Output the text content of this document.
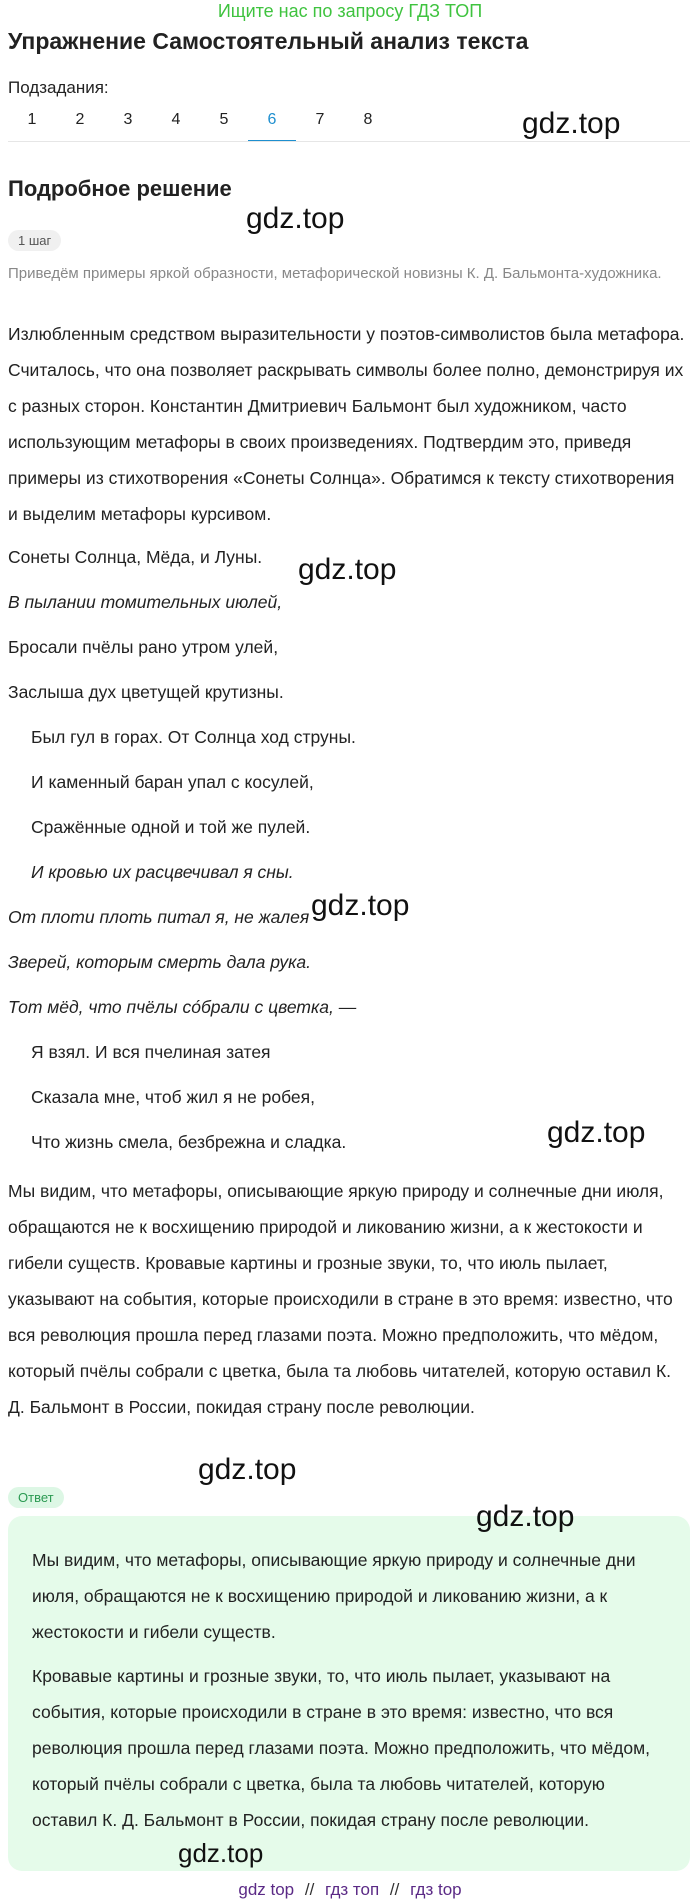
Ищите нас по запросу ГДЗ ТОП
Упражнение Самостоятельный анализ текста
Подзадания:
1	2	3	4	5	6	7	8
Подробное решение
1 шаг
Приведём примеры яркой образности, метафорической новизны К. Д. Бальмонта-художника.
Излюбленным средством выразительности у поэтов-символистов была метафора. Считалось, что она позволяет раскрывать символы более полно, демонстрируя их с разных сторон. Константин Дмитриевич Бальмонт был художником, часто использующим метафоры в своих произведениях. Подтвердим это, приведя примеры из стихотворения «Сонеты Солнца». Обратимся к тексту стихотворения и выделим метафоры курсивом.
Сонеты Солнца, Мёда, и Луны.
В пылании томительных июлей,
Бросали пчёлы рано утром улей,
Заслыша дух цветущей крутизны.
Был гул в горах. От Солнца ход струны.
И каменный баран упал с косулей,
Сражённые одной и той же пулей.
И кровью их расцвечивал я сны.
От плоти плоть питал я, не жалея
Зверей, которым смерть дала рука.
Тот мёд, что пчёлы со́брали с цветка, —
Я взял. И вся пчелиная затея
Сказала мне, чтоб жил я не робея,
Что жизнь смела, безбрежна и сладка.
Мы видим, что метафоры, описывающие яркую природу и солнечные дни июля, обращаются не к восхищению природой и ликованию жизни, а к жестокости и гибели существ. Кровавые картины и грозные звуки, то, что июль пылает, указывают на события, которые происходили в стране в это время: известно, что вся революция прошла перед глазами поэта. Можно предположить, что мёдом, который пчёлы собрали с цветка, была та любовь читателей, которую оставил К. Д. Бальмонт в России, покидая страну после революции.
Ответ

Мы видим, что метафоры, описывающие яркую природу и солнечные дни июля, обращаются не к восхищению природой и ликованию жизни, а к жестокости и гибели существ.

Кровавые картины и грозные звуки, то, что июль пылает, указывают на события, которые происходили в стране в это время: известно, что вся революция прошла перед глазами поэта. Можно предположить, что мёдом, который пчёлы собрали с цветка, была та любовь читателей, которую оставил К. Д. Бальмонт в России, покидая страну после революции.

gdz top // гдз топ // гдз top
gdz.top
gdz.top
gdz.top
gdz.top
gdz.top
gdz.top
gdz.top
gdz.top
